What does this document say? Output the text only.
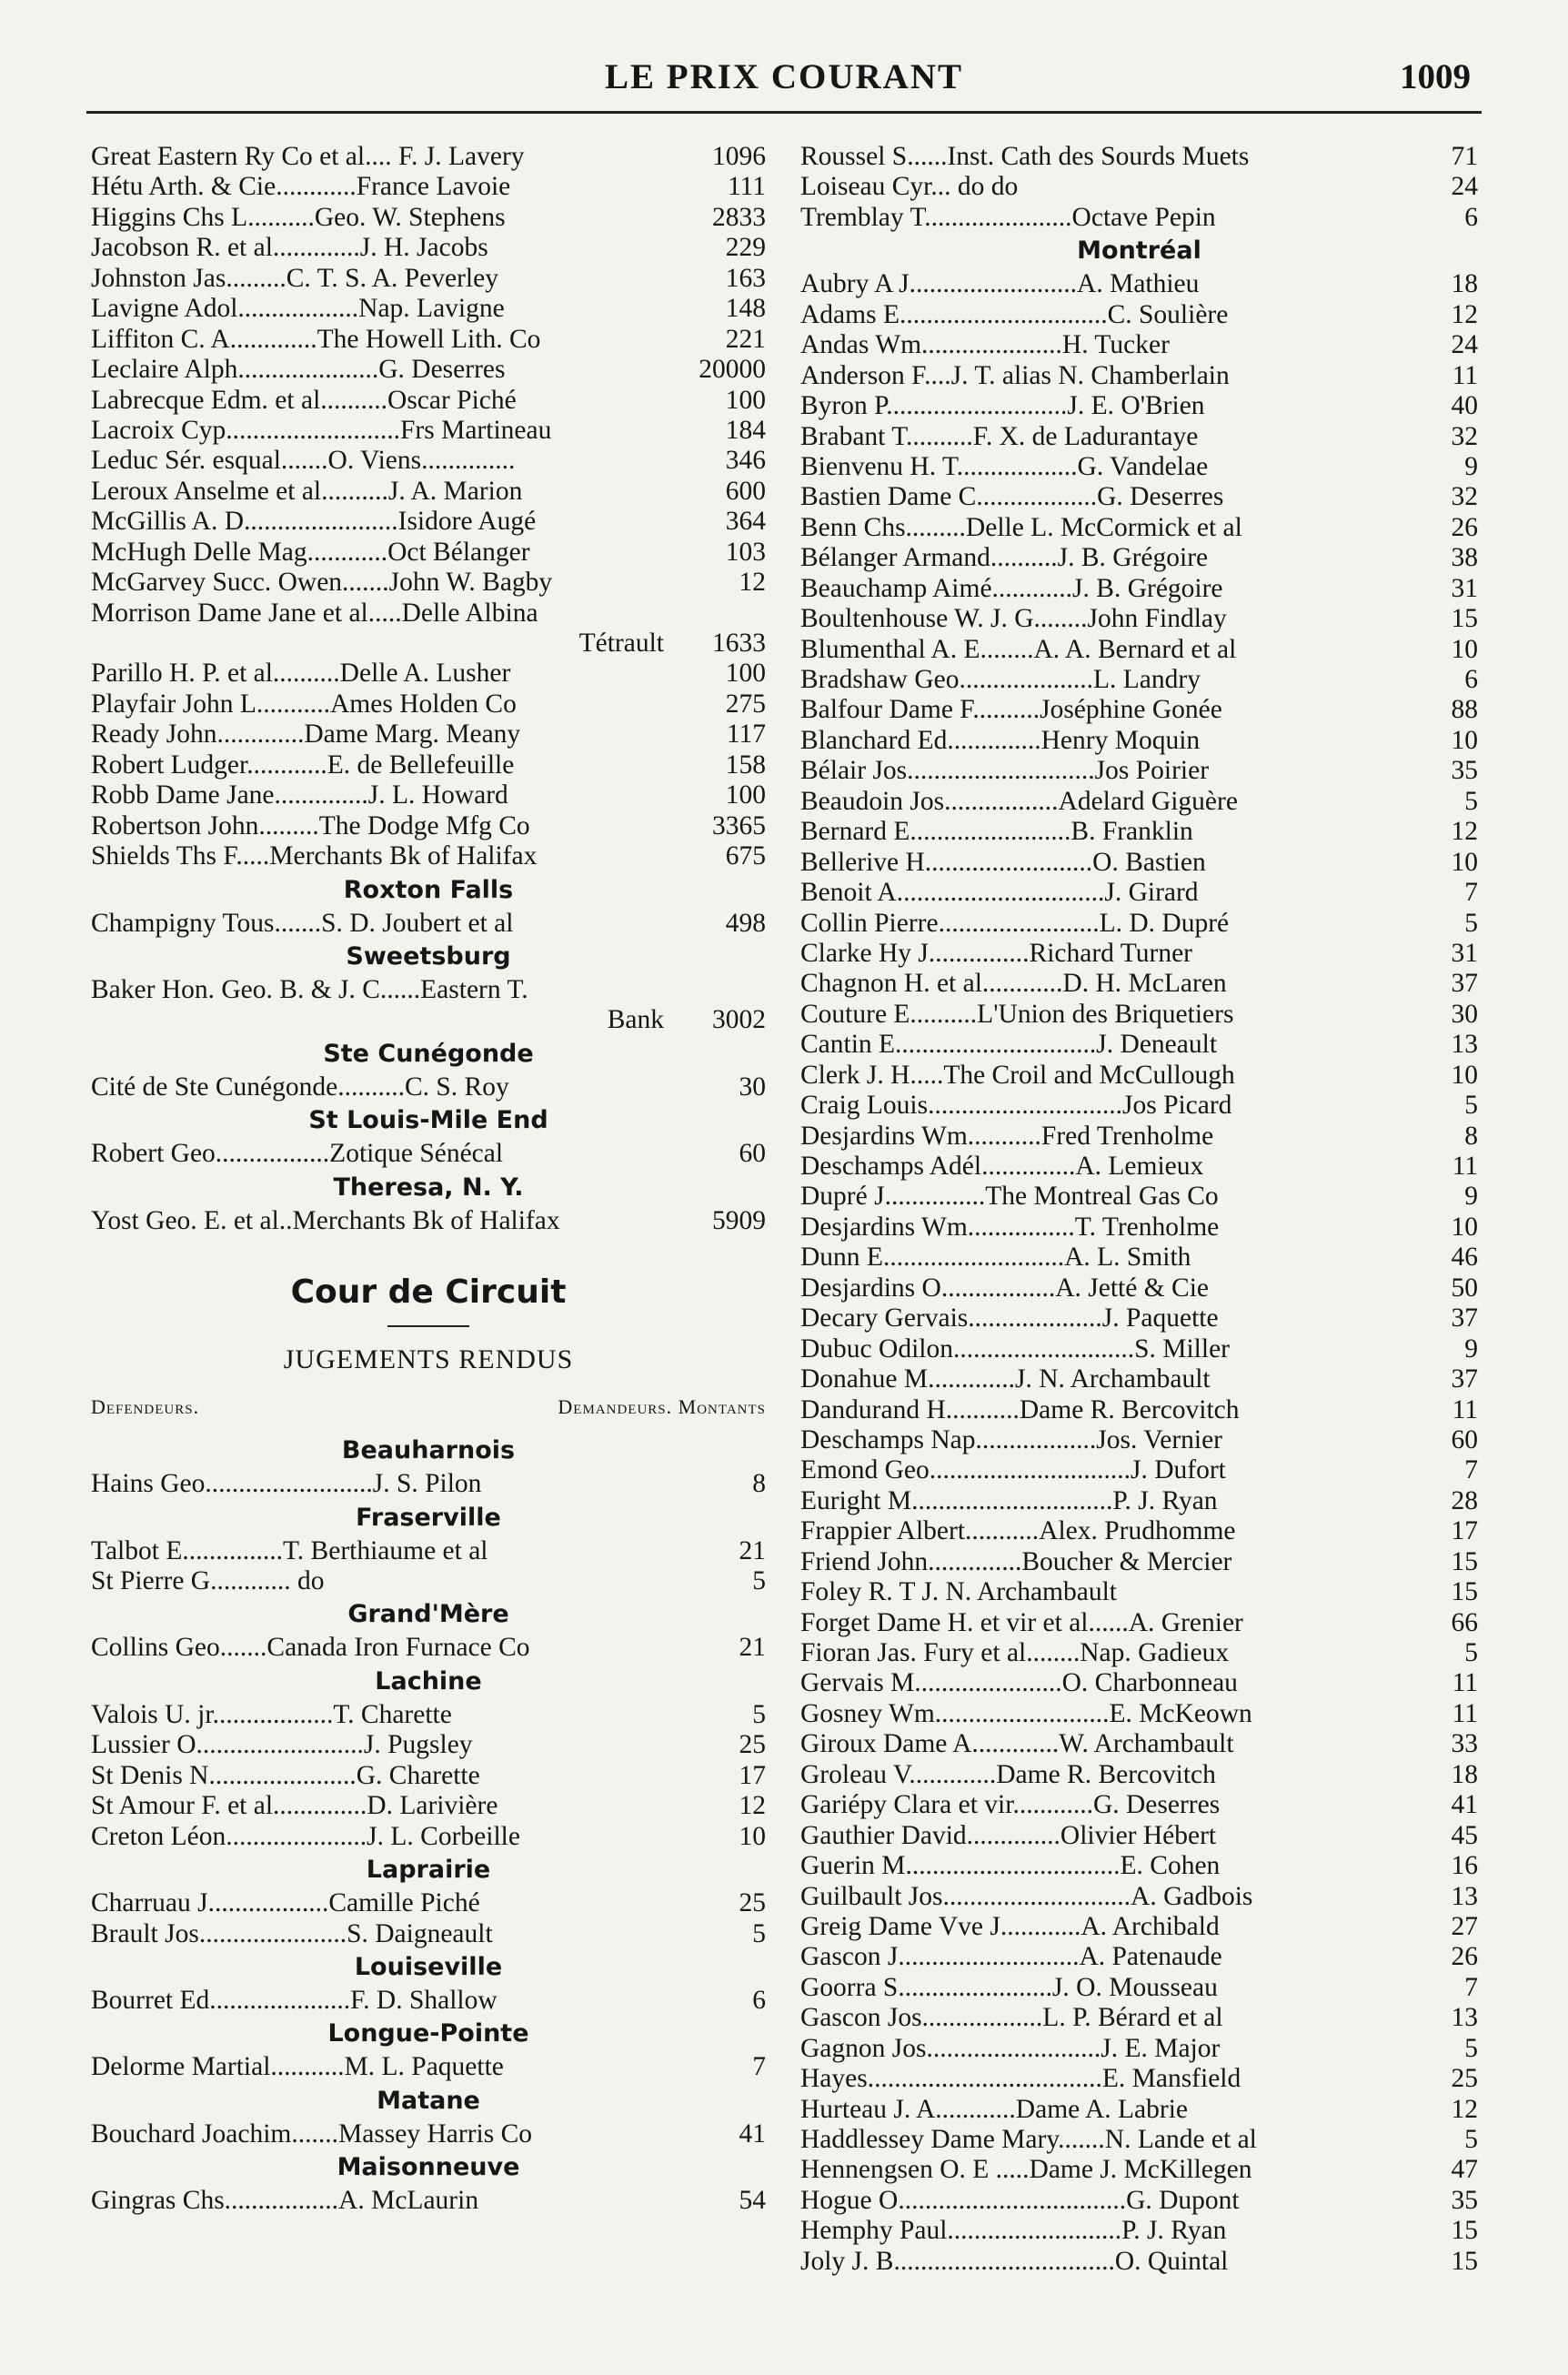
LE PRIX COURANT	1009
Great Eastern Ry Co et al.... F. J. Lavery	1096
Hétu Arth. & Cie............France Lavoie	111
Higgins Chs L..........Geo. W. Stephens	2833
Jacobson R. et al.............J. H. Jacobs	229
Johnston Jas.........C. T. S. A. Peverley	163
Lavigne Adol..................Nap. Lavigne	148
Liffiton C. A.............The Howell Lith. Co	221
Leclaire Alph.....................G. Deserres	20000
Labrecque Edm. et al..........Oscar Piché	100
Lacroix Cyp..........................Frs Martineau	184
Leduc Sér. esqual.......O. Viens..............	346
Leroux Anselme et al..........J. A. Marion	600
McGillis A. D.......................Isidore Augé	364
McHugh Delle Mag............Oct Bélanger	103
McGarvey Succ. Owen.......John W. Bagby	12
Morrison Dame Jane et al.....Delle Albina
Tétrault	1633
Parillo H. P. et al..........Delle A. Lusher	100
Playfair John L...........Ames Holden Co	275
Ready John.............Dame Marg. Meany	117
Robert Ludger............E. de Bellefeuille	158
Robb Dame Jane..............J. L. Howard	100
Robertson John.........The Dodge Mfg Co	3365
Shields Ths F.....Merchants Bk of Halifax	675
Roxton Falls
Champigny Tous.......S. D. Joubert et al	498
Sweetsburg
Baker Hon. Geo. B. & J. C......Eastern T.
Bank	3002
Ste Cunégonde
Cité de Ste Cunégonde..........C. S. Roy	30
St Louis-Mile End
Robert Geo.................Zotique Sénécal	60
Theresa, N. Y.
Yost Geo. E. et al..Merchants Bk of Halifax	5909
Cour de Circuit
JUGEMENTS RENDUS
Defendeurs.	Demandeurs. Montants
Beauharnois
Hains Geo.........................J. S. Pilon	8
Fraserville
Talbot E...............T. Berthiaume et al	21
St Pierre G............ do	5
Grand'Mère
Collins Geo.......Canada Iron Furnace Co	21
Lachine
Valois U. jr..................T. Charette	5
Lussier O.........................J. Pugsley	25
St Denis N......................G. Charette	17
St Amour F. et al..............D. Larivière	12
Creton Léon.....................J. L. Corbeille	10
Laprairie
Charruau J..................Camille Piché	25
Brault Jos......................S. Daigneault	5
Louiseville
Bourret Ed.....................F. D. Shallow	6
Longue-Pointe
Delorme Martial...........M. L. Paquette	7
Matane
Bouchard Joachim.......Massey Harris Co	41
Maisonneuve
Gingras Chs.................A. McLaurin	54
Roussel S......Inst. Cath des Sourds Muets	71
Loiseau Cyr... do do	24
Tremblay T......................Octave Pepin	6
Montréal
Aubry A J.........................A. Mathieu	18
Adams E...............................C. Soulière	12
Andas Wm.....................H. Tucker	24
Anderson F....J. T. alias N. Chamberlain	11
Byron P...........................J. E. O'Brien	40
Brabant T..........F. X. de Ladurantaye	32
Bienvenu H. T..................G. Vandelae	9
Bastien Dame C..................G. Deserres	32
Benn Chs.........Delle L. McCormick et al	26
Bélanger Armand..........J. B. Grégoire	38
Beauchamp Aimé............J. B. Grégoire	31
Boultenhouse W. J. G........John Findlay	15
Blumenthal A. E........A. A. Bernard et al	10
Bradshaw Geo....................L. Landry	6
Balfour Dame F..........Joséphine Gonée	88
Blanchard Ed..............Henry Moquin	10
Bélair Jos............................Jos Poirier	35
Beaudoin Jos.................Adelard Giguère	5
Bernard E........................B. Franklin	12
Bellerive H.........................O. Bastien	10
Benoit A...............................J. Girard	7
Collin Pierre........................L. D. Dupré	5
Clarke Hy J...............Richard Turner	31
Chagnon H. et al............D. H. McLaren	37
Couture E..........L'Union des Briquetiers	30
Cantin E..............................J. Deneault	13
Clerk J. H.....The Croil and McCullough	10
Craig Louis.............................Jos Picard	5
Desjardins Wm...........Fred Trenholme	8
Deschamps Adél..............A. Lemieux	11
Dupré J...............The Montreal Gas Co	9
Desjardins Wm................T. Trenholme	10
Dunn E...........................A. L. Smith	46
Desjardins O.................A. Jetté & Cie	50
Decary Gervais....................J. Paquette	37
Dubuc Odilon...........................S. Miller	9
Donahue M.............J. N. Archambault	37
Dandurand H...........Dame R. Bercovitch	11
Deschamps Nap..................Jos. Vernier	60
Emond Geo..............................J. Dufort	7
Euright M..............................P. J. Ryan	28
Frappier Albert...........Alex. Prudhomme	17
Friend John..............Boucher & Mercier	15
Foley R. T J. N. Archambault	15
Forget Dame H. et vir et al......A. Grenier	66
Fioran Jas. Fury et al........Nap. Gadieux	5
Gervais M......................O. Charbonneau	11
Gosney Wm..........................E. McKeown	11
Giroux Dame A.............W. Archambault	33
Groleau V.............Dame R. Bercovitch	18
Gariépy Clara et vir............G. Deserres	41
Gauthier David..............Olivier Hébert	45
Guerin M................................E. Cohen	16
Guilbault Jos............................A. Gadbois	13
Greig Dame Vve J............A. Archibald	27
Gascon J...........................A. Patenaude	26
Goorra S.......................J. O. Mousseau	7
Gascon Jos..................L. P. Bérard et al	13
Gagnon Jos..........................J. E. Major	5
Hayes...................................E. Mansfield	25
Hurteau J. A............Dame A. Labrie	12
Haddlessey Dame Mary.......N. Lande et al	5
Hennengsen O. E .....Dame J. McKillegen	47
Hogue O..................................G. Dupont	35
Hemphy Paul..........................P. J. Ryan	15
Joly J. B.................................O. Quintal	15
